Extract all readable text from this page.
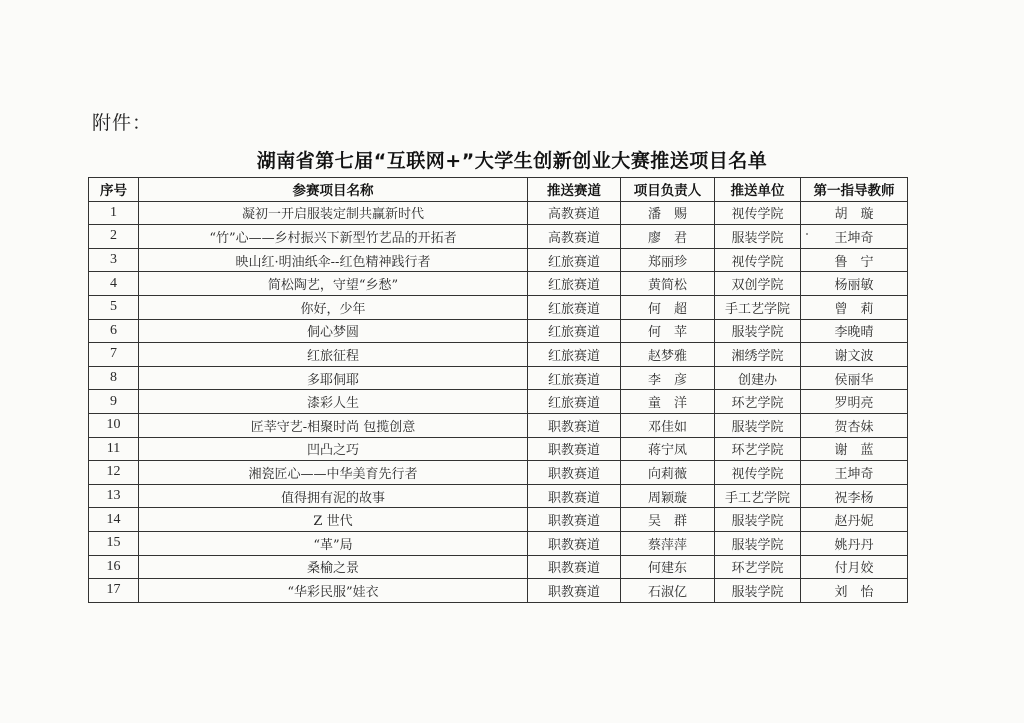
附件：
湖南省第七届“互联网+”大学生创新创业大赛推送项目名单
序号	参赛项目名称	推送赛道	项目负责人	推送单位	第一指导教师
1	凝初一开启服装定制共赢新时代	高教赛道	潘　赐	视传学院	胡　璇
2	“竹”心——乡村振兴下新型竹艺品的开拓者	高教赛道	廖　君	服装学院	王坤奇
3	映山红·明油纸伞--红色精神践行者	红旅赛道	郑丽珍	视传学院	鲁　宁
4	简松陶艺，守望“乡愁”	红旅赛道	黄简松	双创学院	杨丽敏
5	你好，少年	红旅赛道	何　超	手工艺学院	曾　莉
6	侗心梦圆	红旅赛道	何　苹	服装学院	李晚晴
7	红旅征程	红旅赛道	赵梦雅	湘绣学院	谢文波
8	多耶侗耶	红旅赛道	李　彦	创建办	侯丽华
9	漆彩人生	红旅赛道	童　洋	环艺学院	罗明亮
10	匠莘守艺-相聚时尚 包揽创意	职教赛道	邓佳如	服装学院	贺杏妹
11	凹凸之巧	职教赛道	蒋宁凤	环艺学院	谢　蓝
12	湘瓷匠心——中华美育先行者	职教赛道	向莉薇	视传学院	王坤奇
13	值得拥有泥的故事	职教赛道	周颖璇	手工艺学院	祝李杨
14	Z 世代	职教赛道	吴　群	服装学院	赵丹妮
15	“革”局	职教赛道	蔡萍萍	服装学院	姚丹丹
16	桑榆之景	职教赛道	何建东	环艺学院	付月姣
17	“华彩民服”娃衣	职教赛道	石淑亿	服装学院	刘　怡
